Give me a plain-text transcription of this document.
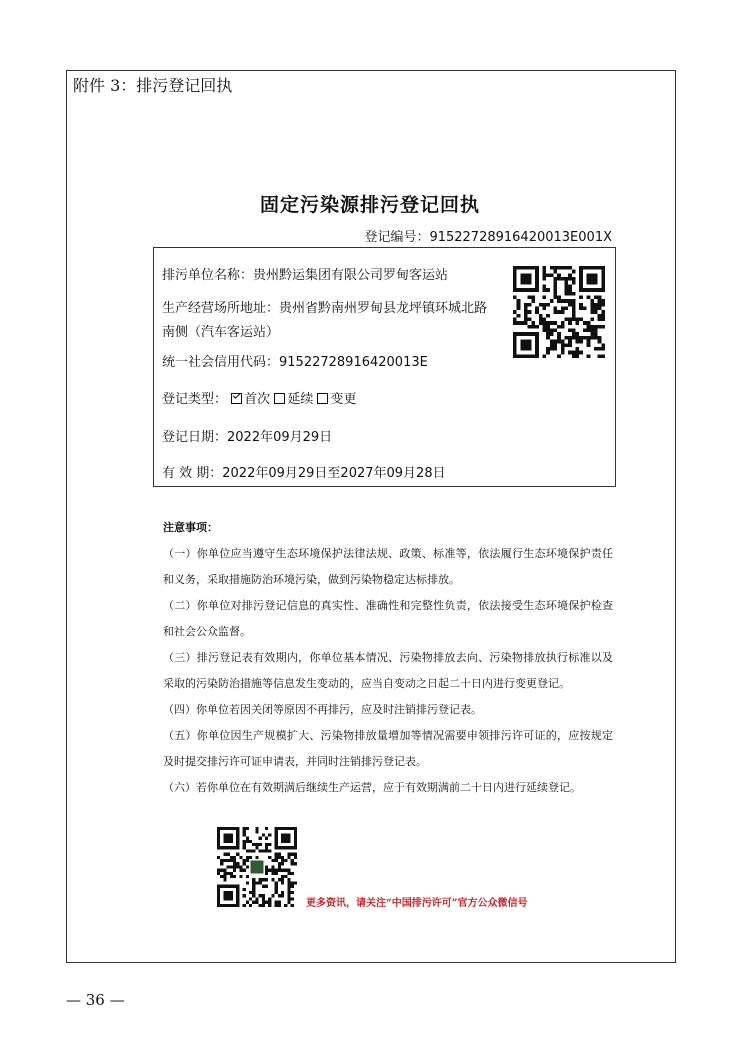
附件 3：排污登记回执
固定污染源排污登记回执
登记编号：91522728916420013E001X
排污单位名称：贵州黔运集团有限公司罗甸客运站
生产经营场所地址：贵州省黔南州罗甸县龙坪镇环城北路
南侧（汽车客运站）
统一社会信用代码：91522728916420013E
登记类型： 首次 延续 变更
登记日期：2022年09月29日
有 效 期：2022年09月29日至2027年09月28日
注意事项：
（一）你单位应当遵守生态环境保护法律法规、政策、标准等，依法履行生态环境保护责任和义务，采取措施防治环境污染，做到污染物稳定达标排放。
（二）你单位对排污登记信息的真实性、准确性和完整性负责，依法接受生态环境保护检查和社会公众监督。
（三）排污登记表有效期内，你单位基本情况、污染物排放去向、污染物排放执行标准以及采取的污染防治措施等信息发生变动的，应当自变动之日起二十日内进行变更登记。
（四）你单位若因关闭等原因不再排污，应及时注销排污登记表。
（五）你单位因生产规模扩大、污染物排放量增加等情况需要申领排污许可证的，应按规定及时提交排污许可证申请表，并同时注销排污登记表。
（六）若你单位在有效期满后继续生产运营，应于有效期满前二十日内进行延续登记。
更多资讯，请关注“中国排污许可”官方公众微信号
— 36 —
